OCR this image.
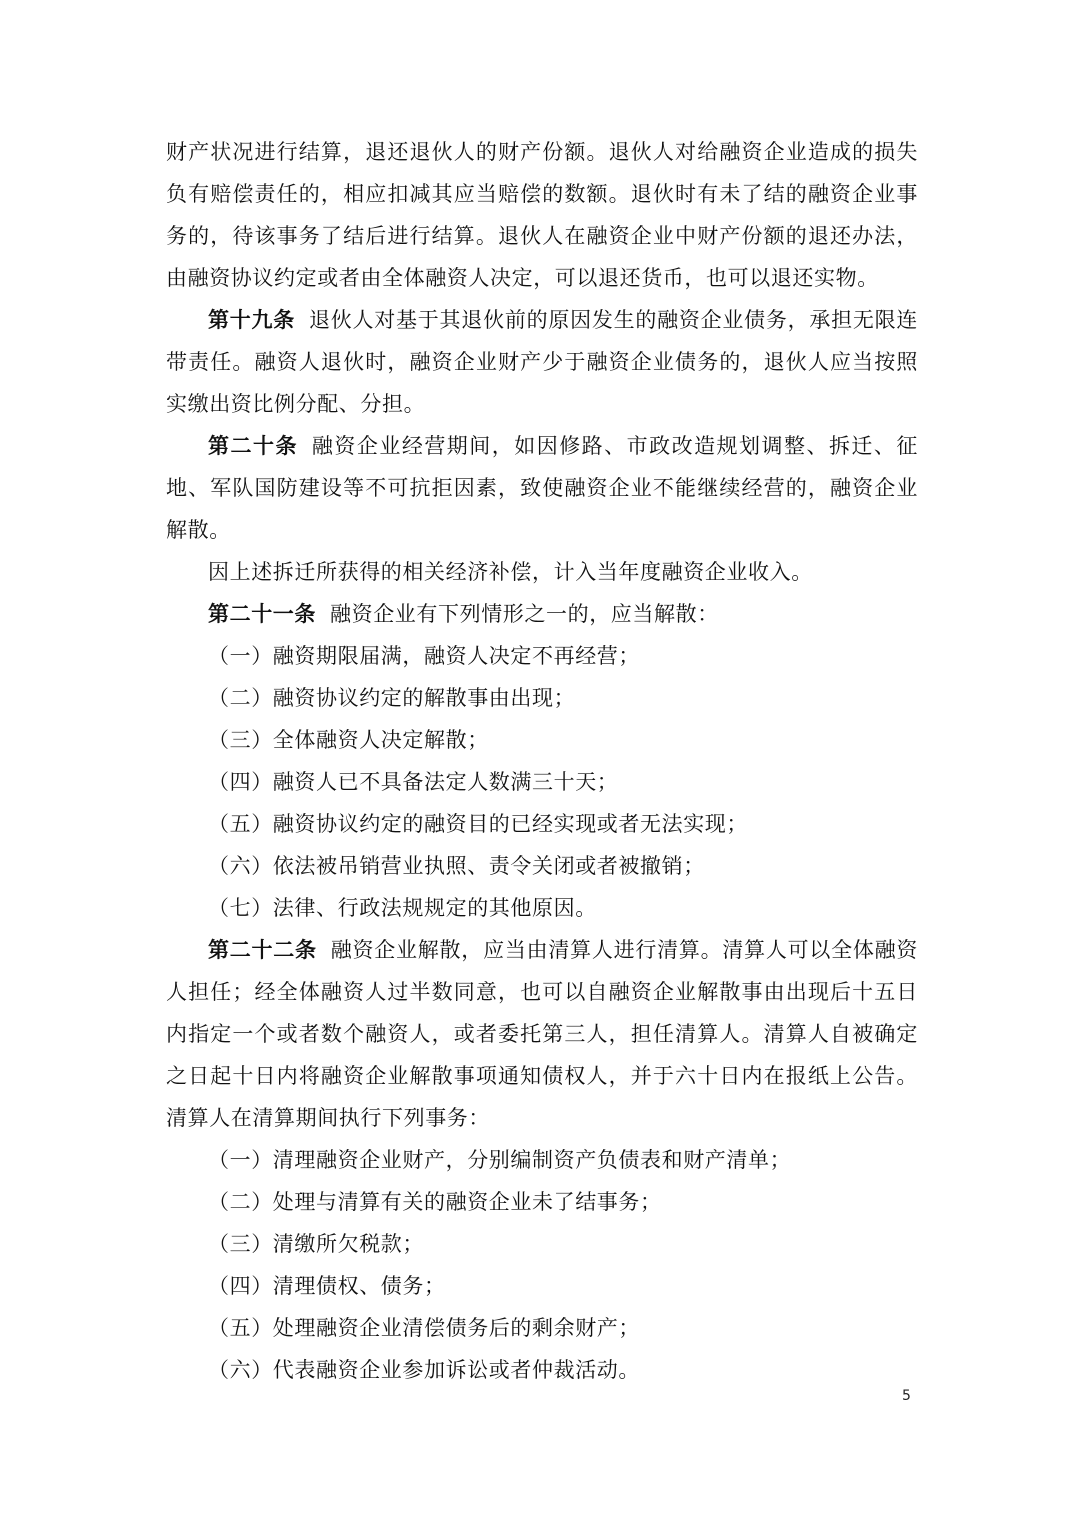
财产状况进行结算，退还退伙人的财产份额。退伙人对给融资企业造成的损失负有赔偿责任的，相应扣减其应当赔偿的数额。退伙时有未了结的融资企业事务的，待该事务了结后进行结算。退伙人在融资企业中财产份额的退还办法，由融资协议约定或者由全体融资人决定，可以退还货币，也可以退还实物。

第十九条 退伙人对基于其退伙前的原因发生的融资企业债务，承担无限连带责任。融资人退伙时，融资企业财产少于融资企业债务的，退伙人应当按照实缴出资比例分配、分担。

第二十条 融资企业经营期间，如因修路、市政改造规划调整、拆迁、征地、军队国防建设等不可抗拒因素，致使融资企业不能继续经营的，融资企业解散。

因上述拆迁所获得的相关经济补偿，计入当年度融资企业收入。

第二十一条 融资企业有下列情形之一的，应当解散：

（一）融资期限届满，融资人决定不再经营；

（二）融资协议约定的解散事由出现；

（三）全体融资人决定解散；

（四）融资人已不具备法定人数满三十天；

（五）融资协议约定的融资目的已经实现或者无法实现；

（六）依法被吊销营业执照、责令关闭或者被撤销；

（七）法律、行政法规规定的其他原因。

第二十二条 融资企业解散，应当由清算人进行清算。清算人可以全体融资人担任；经全体融资人过半数同意，也可以自融资企业解散事由出现后十五日内指定一个或者数个融资人，或者委托第三人，担任清算人。清算人自被确定之日起十日内将融资企业解散事项通知债权人，并于六十日内在报纸上公告。清算人在清算期间执行下列事务：

（一）清理融资企业财产，分别编制资产负债表和财产清单；

（二）处理与清算有关的融资企业未了结事务；

（三）清缴所欠税款；

（四）清理债权、债务；

（五）处理融资企业清偿债务后的剩余财产；

（六）代表融资企业参加诉讼或者仲裁活动。

5
